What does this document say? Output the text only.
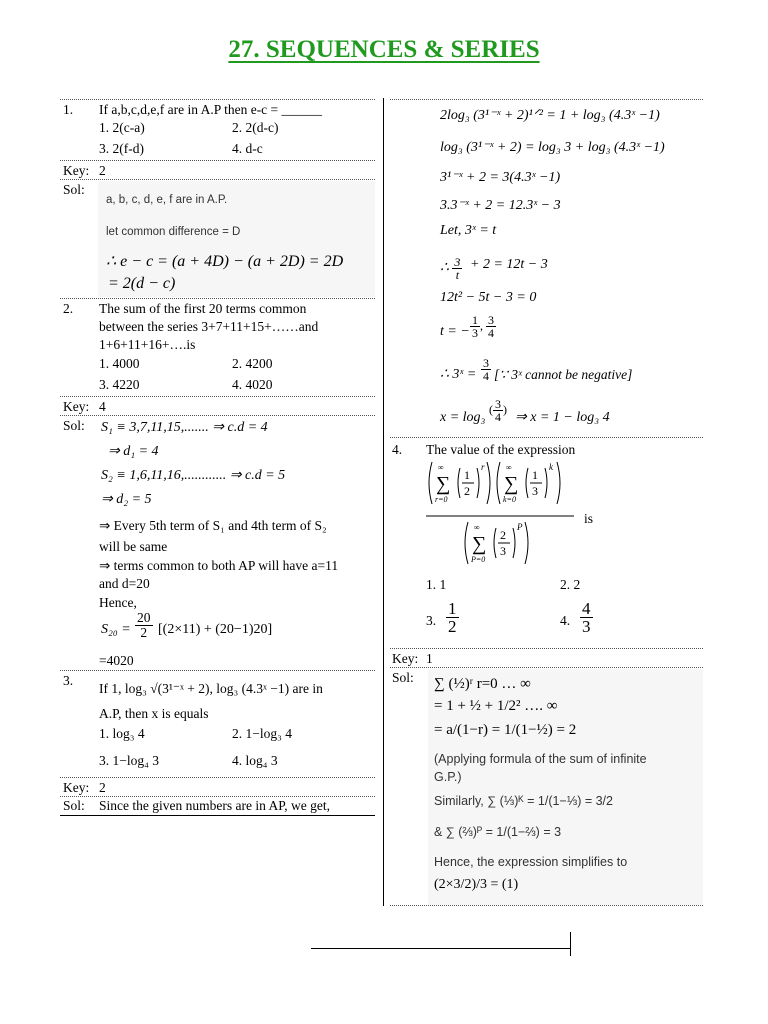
27. SEQUENCES & SERIES
1. If a,b,c,d,e,f are in A.P then e-c = ______
1. 2(c-a)	2. 2(d-c)
3. 2(f-d)	4. d-c
Key: 2
Sol:
a, b, c, d, e, f are in A.P.
let common difference = D
∴ e − c = (a + 4D) − (a + 2D) = 2D
= 2(d − c)
2. The sum of the first 20 terms common
between the series 3+7+11+15+……and
1+6+11+16+….is
1. 4000	2. 4200
3. 4220	4. 4020
Key: 4
Sol: S₁ ≡ 3,7,11,15,....... ⇒ c.d = 4
⇒ d₁ = 4
S₂ ≡ 1,6,11,16,............ ⇒ c.d = 5
⇒ d₂ = 5
⇒ Every 5th term of S₁ and 4th term of S₂
will be same
⇒ terms common to both AP will have a=11
and d=20
Hence,
$S_{20} = \frac{20}{2} [(2\times 11) + (20-1)20]$
=4020
3.
If 1, log₃ √(3¹⁻ˣ + 2), log₃ (4.3ˣ −1) are in
A.P, then x is equals
1. log₃ 4	2. 1−log₃ 4
3. 1−log₄ 3	4. log₄ 3
Key: 2
Sol: Since the given numbers are in AP, we get,
2log₃ (3¹⁻ˣ + 2)¹ᐟ² = 1 + log₃ (4.3ˣ −1)
log₃ (3¹⁻ˣ + 2) = log₃ 3 + log₃ (4.3ˣ −1)
3¹⁻ˣ + 2 = 3(4.3ˣ −1)
3.3⁻ˣ + 2 = 12.3ˣ − 3
Let, 3ˣ = t
∴ $\frac{3}{t} + 2 = 12t - 3$
12t² − 5t − 3 = 0
t = − $\frac{1}{3}$ , $\frac{3}{4}$
∴ 3ˣ = $\frac{3}{4}$ [∵ 3ˣ cannot be negative]
x = log₃
( $\frac{3}{4}$ )
⇒ x = 1 − log₃ 4
4. The value of the expression
∑
∞
r=0
1
2
r
∑
∞
k=0
1
3
k
∑
∞
P=0
2
3
P
is
1. 1	2. 2
3. $\frac{1}{2}$	4. $\frac{4}{3}$
Key: 1
Sol: ∑ (½)ʳ r=0 … ∞
= 1 + ½ + 1/2² …. ∞
= a/(1−r) = 1/(1−½) = 2
(Applying formula of the sum of infinite
G.P.)
Similarly, ∑ (⅓)ᴷ = 1/(1−⅓) = 3/2
& ∑ (⅔)ᴾ = 1/(1−⅔) = 3
Hence, the expression simplifies to
(2×3/2)/3 = (1)
